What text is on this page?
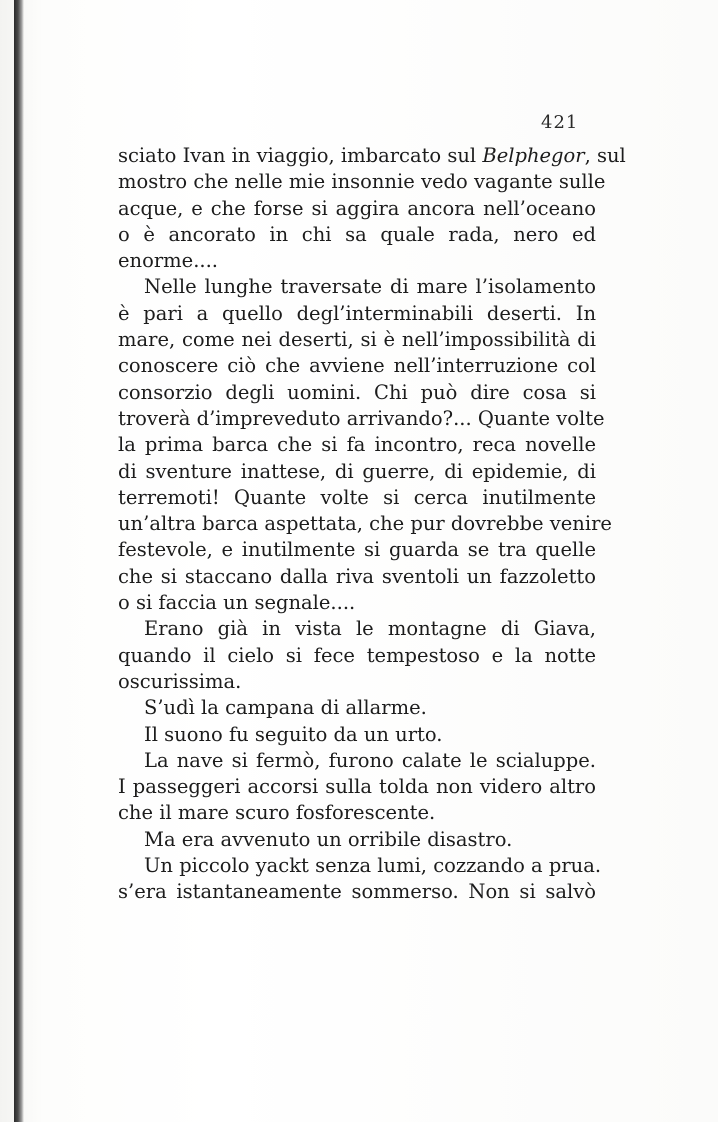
421
sciato Ivan in viaggio, imbarcato sul Belphegor, sul
mostro che nelle mie insonnie vedo vagante sulle
acque, e che forse si aggira ancora nell’oceano
o è ancorato in chi sa quale rada, nero ed
enorme....
Nelle lunghe traversate di mare l’isolamento
è pari a quello degl’interminabili deserti. In
mare, come nei deserti, si è nell’impossibilità di
conoscere ciò che avviene nell’interruzione col
consorzio degli uomini. Chi può dire cosa si
troverà d’impreveduto arrivando?... Quante volte
la prima barca che si fa incontro, reca novelle
di sventure inattese, di guerre, di epidemie, di
terremoti! Quante volte si cerca inutilmente
un’altra barca aspettata, che pur dovrebbe venire
festevole, e inutilmente si guarda se tra quelle
che si staccano dalla riva sventoli un fazzoletto
o si faccia un segnale....
Erano già in vista le montagne di Giava,
quando il cielo si fece tempestoso e la notte
oscurissima.
S’udì la campana di allarme.
Il suono fu seguito da un urto.
La nave si fermò, furono calate le scialuppe.
I passeggeri accorsi sulla tolda non videro altro
che il mare scuro fosforescente.
Ma era avvenuto un orribile disastro.
Un piccolo yackt senza lumi, cozzando a prua.
s’era istantaneamente sommerso. Non si salvò
